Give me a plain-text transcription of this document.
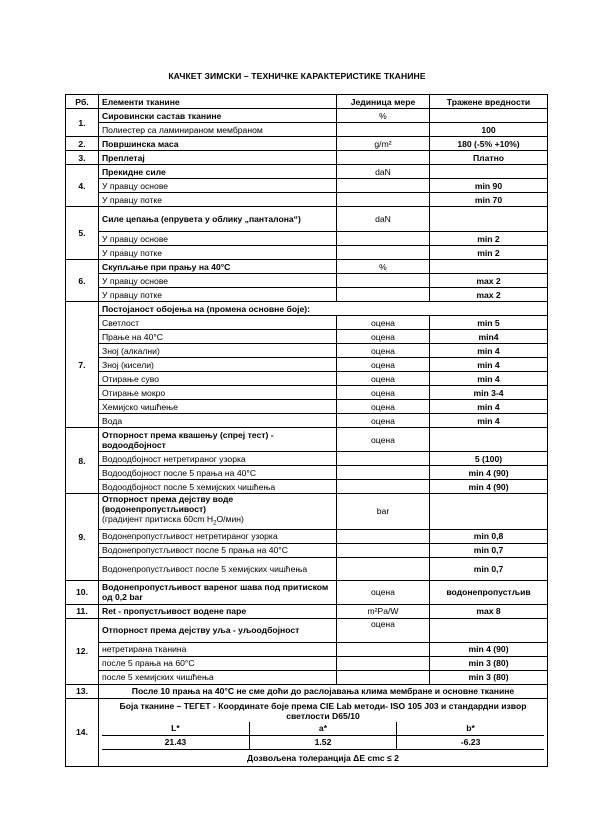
КАЧКЕТ ЗИМСКИ – ТЕХНИЧКЕ КАРАКТЕРИСТИКЕ ТКАНИНЕ
Рб.	Елементи тканине	Јединица мере	Тражене вредности
1.	Сировински састав тканине	%	
Полиестер са ламинираном мембраном		100
2.	Површинска маса	g/m²	180 (-5% +10%)
3.	Преплетај		Платно
4.	Прекидне силе	daN	
У правцу основе		min 90
У правцу потке		min 70
5.	Силе цепања (епрувета у облику „панталона“)	daN	
У правцу основе		min 2
У правцу потке		min 2
6.	Скупљање при прању на 40°C	%	
У правцу основе		max 2
У правцу потке		max 2
7.	Постојаност обојења на (промена основне боје):
Светлост	оцена	min 5
Прање на 40°C	оцена	min4
Зној (алкални)	оцена	min 4
Зној (кисели)	оцена	min 4
Отирање суво	оцена	min 4
Отирање мокро	оцена	min 3-4
Хемијско чишћење	оцена	min 4
Вода	оцена	min 4
8.	Отпорност према квашењу (спреј тест) - водоодбојност	оцена	
Водоодбојност нетретираног узорка		5 (100)
Водоодбојност после 5 прања на 40°C		min 4 (90)
Водоодбојност после 5 хемијских чишћења		min 4 (90)
9.	Отпорност према дејству воде (водонепропустљивост)
(градијент притиска 60cm $H_2O/мин$)	bar	
Водонепропустљивост нетретираног узорка		min 0,8
Водонепропустљивост после 5 прања на 40°C		min 0,7
Водонепропустљивост после 5 хемијских чишћења		min 0,7
10.	Водонепропустљивост вареног шава под притиском од 0,2 bar	оцена	водонепропустљив
11.	Ret - пропустљивост водене паре	m²Pa/W	max 8
12.	Отпорност према дејству уља - уљоодбојност	оцена	
нетретирана тканина		min 4 (90)
после 5 прања на 60°C		min 3 (80)
после 5 хемијских чишћења		min 3 (80)
13.	После 10 прања на 40°C не сме доћи до раслојавања клима мембране и основне тканине
14.	
Боја тканине – ТЕГЕТ - Координате боје према CIE Lab методи- ISO 105 J03 и стандардни извор светлости D65/10
L*	a*	b*
21.43	1.52	-6.23
Дозвољена толеранција ΔE cmc ≤ 2
